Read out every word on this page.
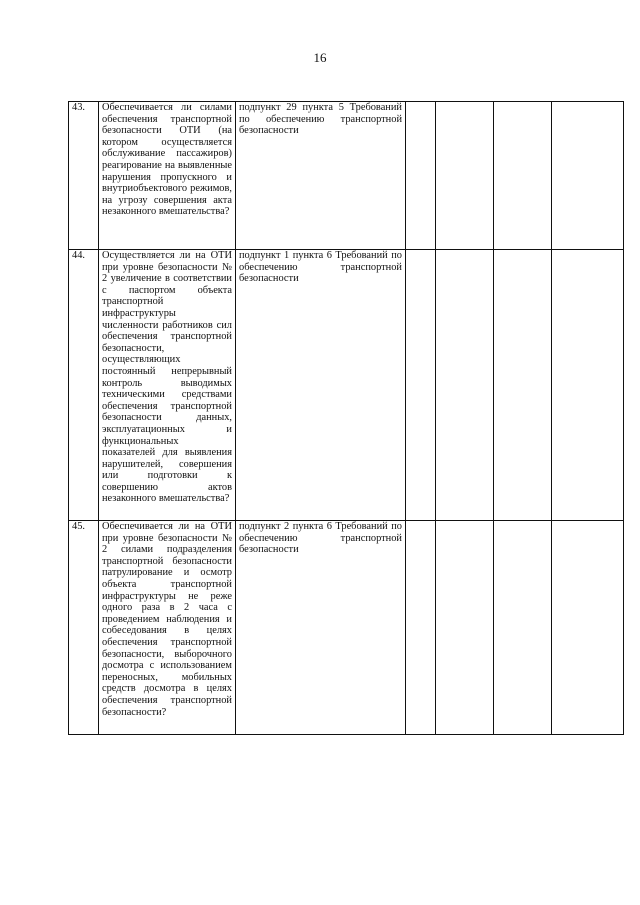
16
43.	Обеспечивается ли силами обеспечения транспортной безопасности ОТИ (на котором осуществляется обслуживание пассажиров) реагирование на выявленные нарушения пропускного и внутриобъектового режимов, на угрозу совершения акта незаконного вмешательства?	подпункт 29 пункта 5 Требований по обеспечению транспортной безопасности				
44.	Осуществляется ли на ОТИ при уровне безопасности № 2 увеличение в соответствии с паспортом объекта транспортной инфраструктуры численности работников сил обеспечения транспортной безопасности, осуществляющих постоянный непрерывный контроль выводимых техническими средствами обеспечения транспортной безопасности данных, эксплуатационных и функциональных показателей для выявления нарушителей, совершения или подготовки к совершению актов незаконного вмешательства?	подпункт 1 пункта 6 Требований по обеспечению транспортной безопасности				
45.	Обеспечивается ли на ОТИ при уровне безопасности № 2 силами подразделения транспортной безопасности патрулирование и осмотр объекта транспортной инфраструктуры не реже одного раза в 2 часа с проведением наблюдения и собеседования в целях обеспечения транспортной безопасности, выборочного досмотра с использованием переносных, мобильных средств досмотра в целях обеспечения транспортной безопасности?	подпункт 2 пункта 6 Требований по обеспечению транспортной безопасности				
